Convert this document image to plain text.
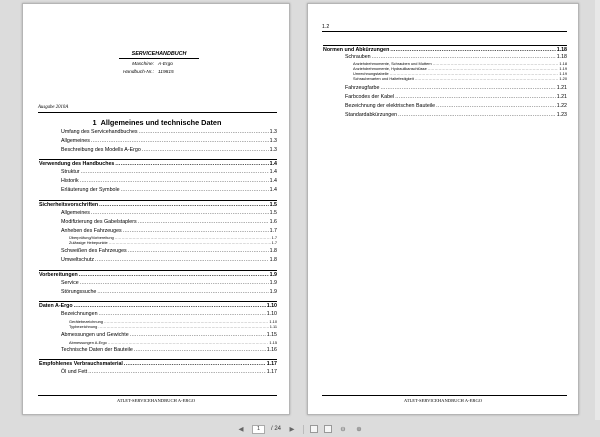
SERVICEHANDBUCH
Maschine: A-Ergo
Handbuch-Nr.: 119815
Ausgabe 2010A
1 Allgemeines und technische Daten
Umfang des Servicehandbuches .....	1.3
Allgemeines .....	1.3
Beschreibung des Modells A-Ergo .....	1.3
Verwendung des Handbuches .....	1.4
Struktur .....	1.4
Historik .....	1.4
Erläuterung der Symbole .....	1.4
Sicherheitsvorschriften .....	1.5
Allgemeines .....	1.5
Modifizierung des Gabelstaplers .....	1.6
Anheben des Fahrzeuges .....	1.7
Überprüfung/Vorbereitung .....	1.7
Zulässige Hebepunkte .....	1.7
Schweißen des Fahrzeuges .....	1.8
Umweltschutz .....	1.8
Vorbereitungen .....	1.9
Service .....	1.9
Störungssuche .....	1.9
Daten A-Ergo .....	1.10
Bezeichnungen .....	1.10
Gerätebezeichnung .....	1.10
Typbezeichnung .....	1.11
Abmessungen und Gewichte .....	1.15
Abmessungen A-Ergo .....	1.15
Technische Daten der Bauteile .....	1.16
Empfohlenes Verbrauchsmaterial .....	1.17
Öl und Fett .....	1.17
ATLET-SERVICEHANDBUCH A-ERGO
1.2
Normen und Abkürzungen .....	1.18
Schrauben .....	1.18
Anziehdrehmomente, Schrauben und Muttern .....	1.18
Anziehdrehmomente, Hydraulikanschlüsse .....	1.19
Umrechnungstabelle .....	1.19
Schraubenarten und Haltefestigkeit .....	1.20
Fahrzeugfarbe .....	1.21
Farbcodes der Kabel .....	1.21
Bezeichnung der elektrischen Bauteile .....	1.22
Standardabkürzungen .....	1.23
ATLET-SERVICEHANDBUCH A-ERGO
◀	1	/ 24	▶	⊖	⊕
